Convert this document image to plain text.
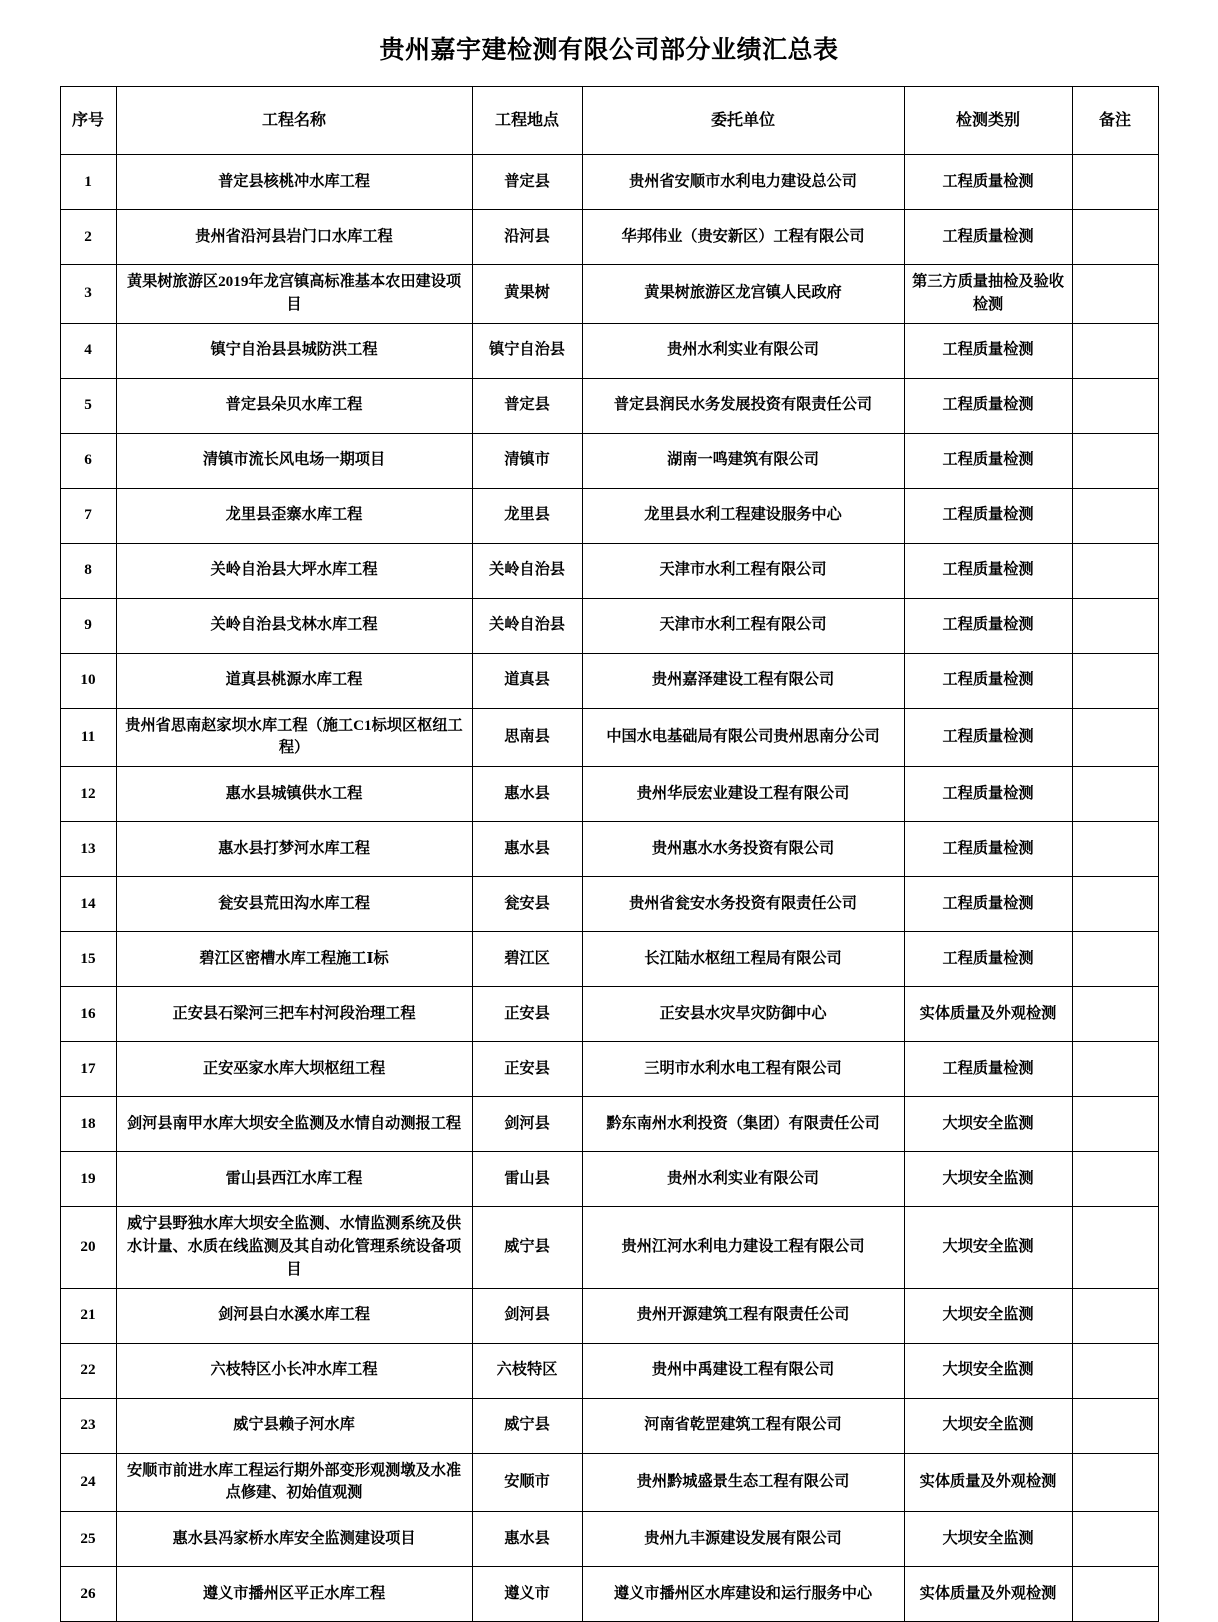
贵州嘉宇建检测有限公司部分业绩汇总表
序号	工程名称	工程地点	委托单位	检测类别	备注
1	普定县核桃冲水库工程	普定县	贵州省安顺市水利电力建设总公司	工程质量检测	
2	贵州省沿河县岩门口水库工程	沿河县	华邦伟业（贵安新区）工程有限公司	工程质量检测	
3	黄果树旅游区2019年龙宫镇高标准基本农田建设项目	黄果树	黄果树旅游区龙宫镇人民政府	第三方质量抽检及验收检测	
4	镇宁自治县县城防洪工程	镇宁自治县	贵州水利实业有限公司	工程质量检测	
5	普定县朵贝水库工程	普定县	普定县润民水务发展投资有限责任公司	工程质量检测	
6	清镇市流长风电场一期项目	清镇市	湖南一鸣建筑有限公司	工程质量检测	
7	龙里县歪寨水库工程	龙里县	龙里县水利工程建设服务中心	工程质量检测	
8	关岭自治县大坪水库工程	关岭自治县	天津市水利工程有限公司	工程质量检测	
9	关岭自治县戈林水库工程	关岭自治县	天津市水利工程有限公司	工程质量检测	
10	道真县桃源水库工程	道真县	贵州嘉泽建设工程有限公司	工程质量检测	
11	贵州省思南赵家坝水库工程（施工C1标坝区枢纽工程）	思南县	中国水电基础局有限公司贵州思南分公司	工程质量检测	
12	惠水县城镇供水工程	惠水县	贵州华辰宏业建设工程有限公司	工程质量检测	
13	惠水县打梦河水库工程	惠水县	贵州惠水水务投资有限公司	工程质量检测	
14	瓮安县荒田沟水库工程	瓮安县	贵州省瓮安水务投资有限责任公司	工程质量检测	
15	碧江区密槽水库工程施工Ⅰ标	碧江区	长江陆水枢纽工程局有限公司	工程质量检测	
16	正安县石梁河三把车村河段治理工程	正安县	正安县水灾旱灾防御中心	实体质量及外观检测	
17	正安巫家水库大坝枢纽工程	正安县	三明市水利水电工程有限公司	工程质量检测	
18	剑河县南甲水库大坝安全监测及水情自动测报工程	剑河县	黔东南州水利投资（集团）有限责任公司	大坝安全监测	
19	雷山县西江水库工程	雷山县	贵州水利实业有限公司	大坝安全监测	
20	威宁县野独水库大坝安全监测、水情监测系统及供水计量、水质在线监测及其自动化管理系统设备项目	威宁县	贵州江河水利电力建设工程有限公司	大坝安全监测	
21	剑河县白水溪水库工程	剑河县	贵州开源建筑工程有限责任公司	大坝安全监测	
22	六枝特区小长冲水库工程	六枝特区	贵州中禹建设工程有限公司	大坝安全监测	
23	威宁县赖子河水库	威宁县	河南省乾罡建筑工程有限公司	大坝安全监测	
24	安顺市前进水库工程运行期外部变形观测墩及水准点修建、初始值观测	安顺市	贵州黔城盛景生态工程有限公司	实体质量及外观检测	
25	惠水县冯家桥水库安全监测建设项目	惠水县	贵州九丰源建设发展有限公司	大坝安全监测	
26	遵义市播州区平正水库工程	遵义市	遵义市播州区水库建设和运行服务中心	实体质量及外观检测	
